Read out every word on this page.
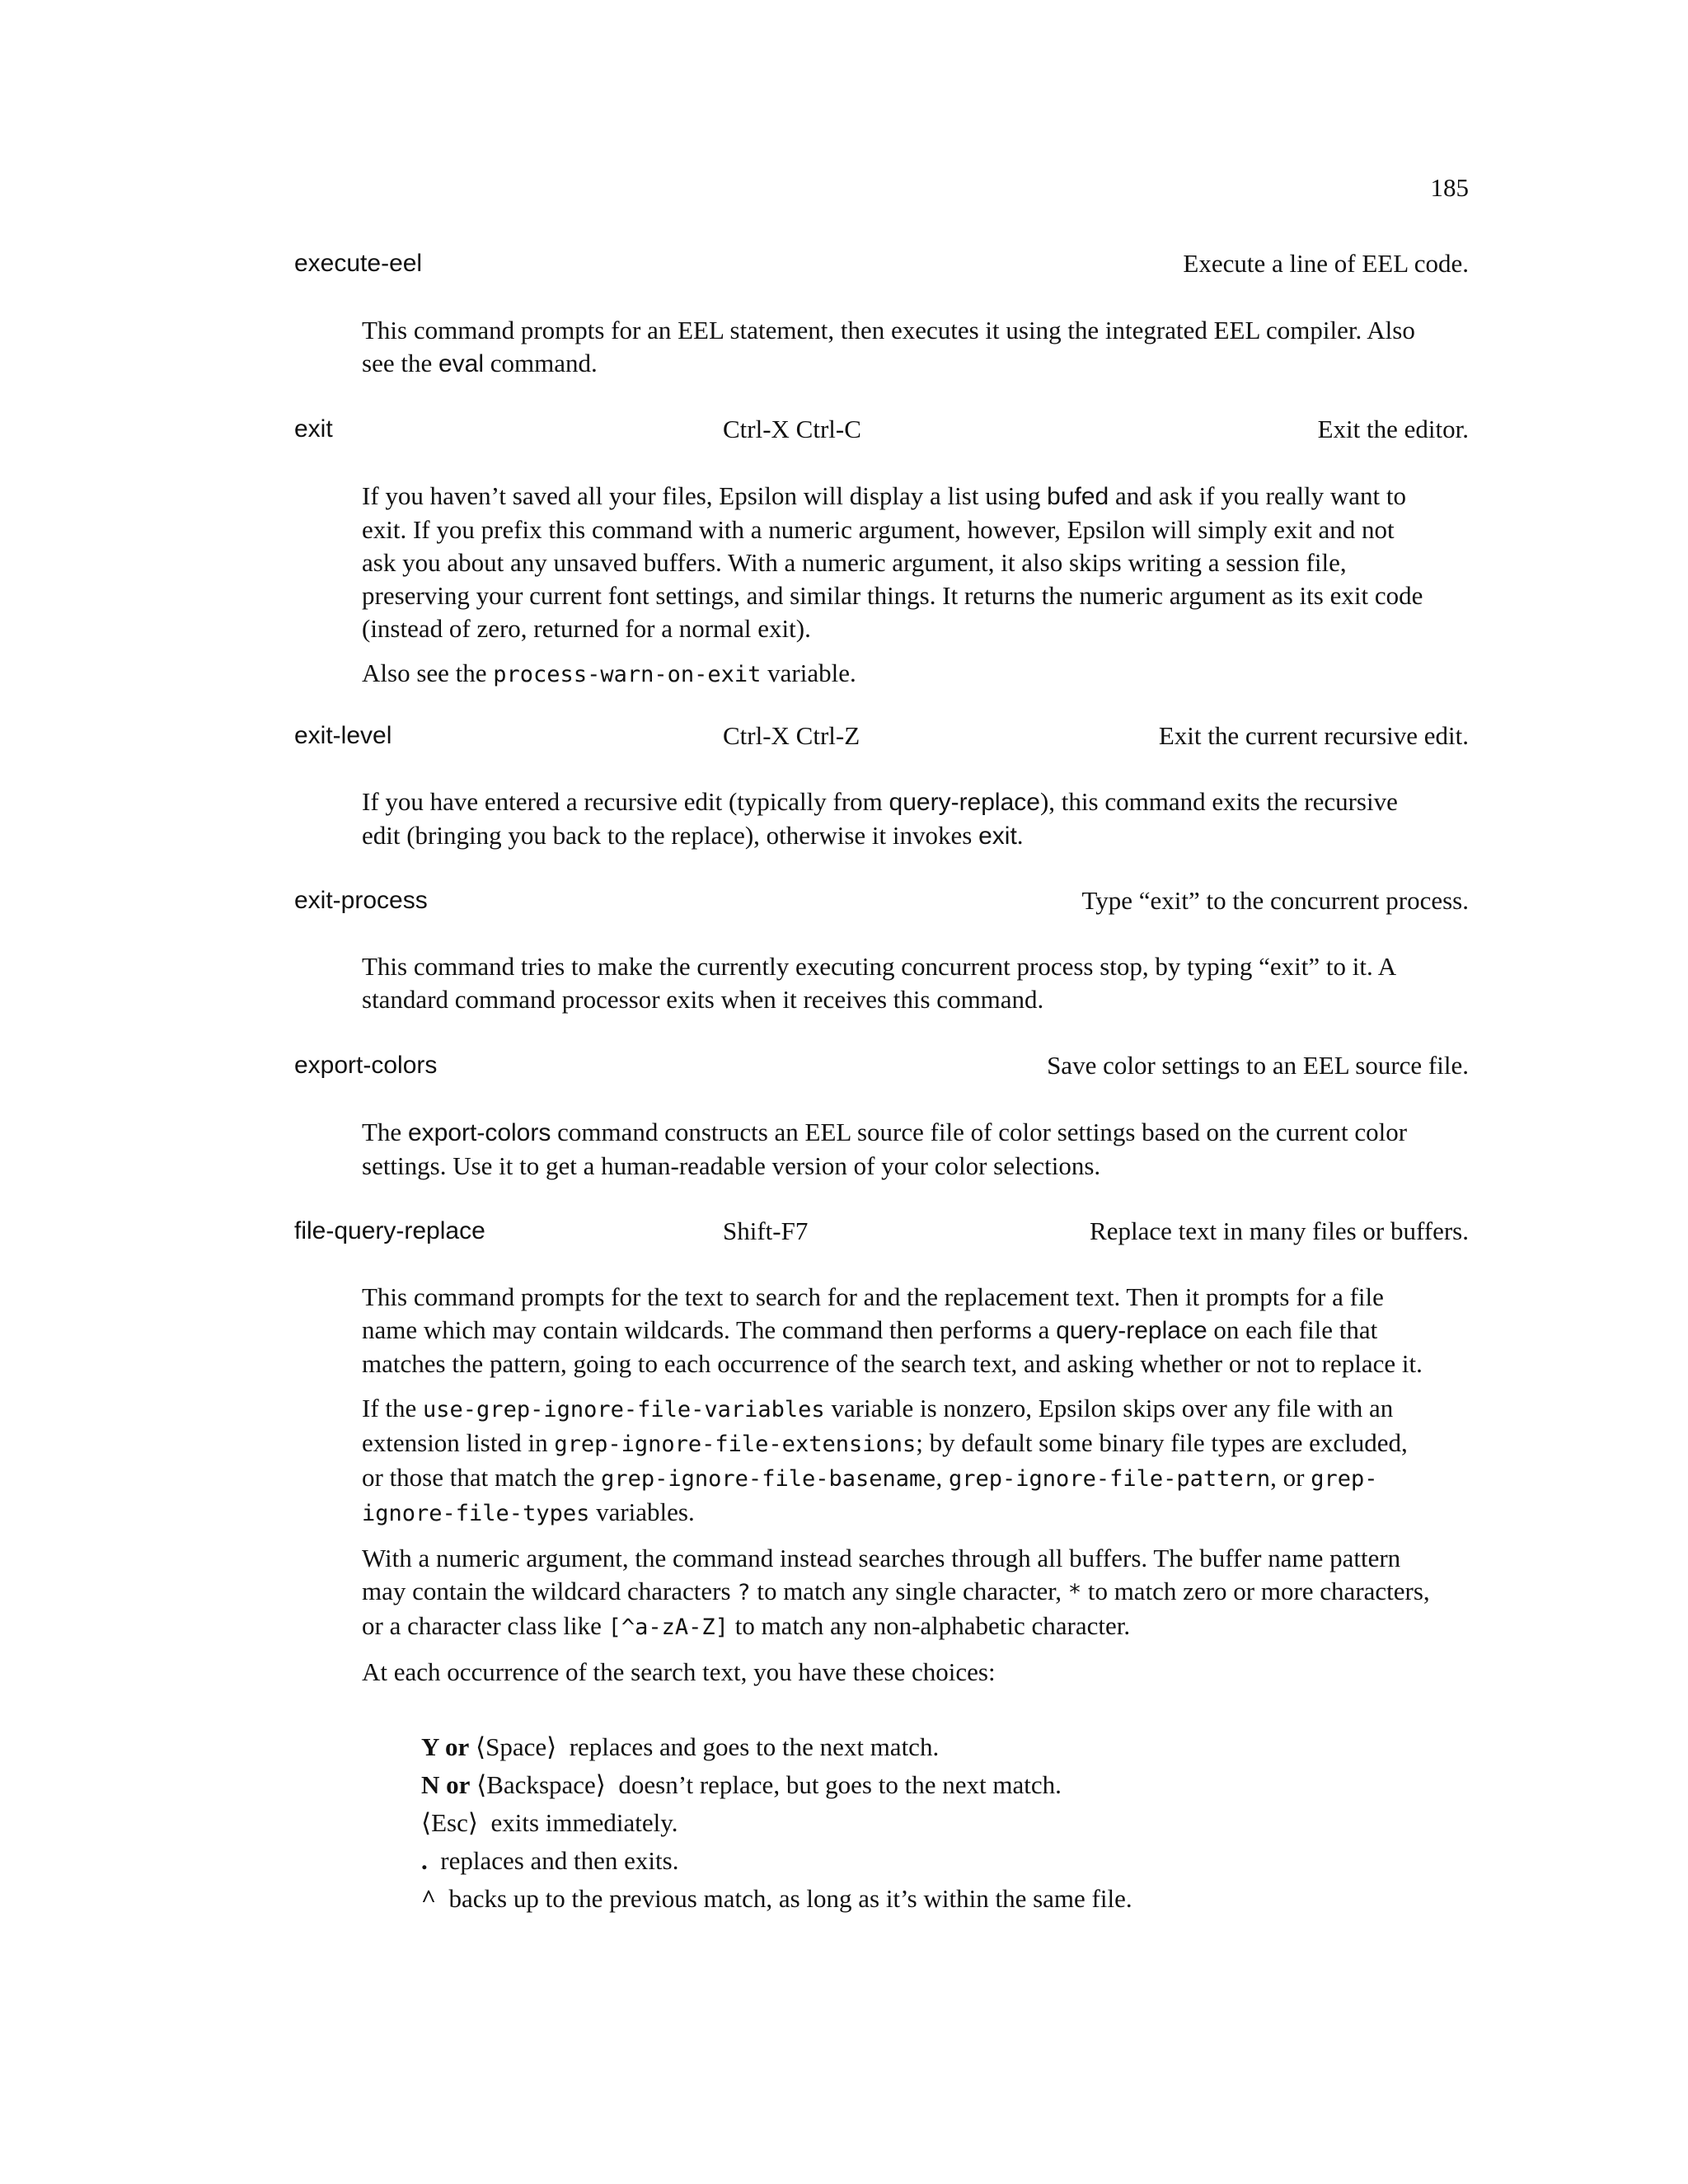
185
execute-eel	Execute a line of EEL code.

This command prompts for an EEL statement, then executes it using the integrated EEL compiler. Also see the eval command.

exit	Ctrl-X Ctrl-C	Exit the editor.

If you haven’t saved all your files, Epsilon will display a list using bufed and ask if you really want to exit. If you prefix this command with a numeric argument, however, Epsilon will simply exit and not ask you about any unsaved buffers. With a numeric argument, it also skips writing a session file, preserving your current font settings, and similar things. It returns the numeric argument as its exit code (instead of zero, returned for a normal exit).

Also see the process-warn-on-exit variable.

exit-level	Ctrl-X Ctrl-Z	Exit the current recursive edit.

If you have entered a recursive edit (typically from query-replace), this command exits the recursive edit (bringing you back to the replace), otherwise it invokes exit.

exit-process	Type “exit” to the concurrent process.

This command tries to make the currently executing concurrent process stop, by typing “exit” to it. A standard command processor exits when it receives this command.

export-colors	Save color settings to an EEL source file.

The export-colors command constructs an EEL source file of color settings based on the current color settings. Use it to get a human-readable version of your color selections.

file-query-replace	Shift-F7	Replace text in many files or buffers.

This command prompts for the text to search for and the replacement text. Then it prompts for a file name which may contain wildcards. The command then performs a query-replace on each file that matches the pattern, going to each occurrence of the search text, and asking whether or not to replace it.

If the use-grep-ignore-file-variables variable is nonzero, Epsilon skips over any file with an extension listed in grep-ignore-file-extensions; by default some binary file types are excluded, or those that match the grep-ignore-file-basename, grep-ignore-file-pattern, or grep-ignore-file-types variables.

With a numeric argument, the command instead searches through all buffers. The buffer name pattern may contain the wildcard characters ? to match any single character, * to match zero or more characters, or a character class like [^a-zA-Z] to match any non-alphabetic character.

At each occurrence of the search text, you have these choices:

Y or ⟨Space⟩ replaces and goes to the next match.
N or ⟨Backspace⟩ doesn’t replace, but goes to the next match.
⟨Esc⟩ exits immediately.
. replaces and then exits.
^ backs up to the previous match, as long as it’s within the same file.
